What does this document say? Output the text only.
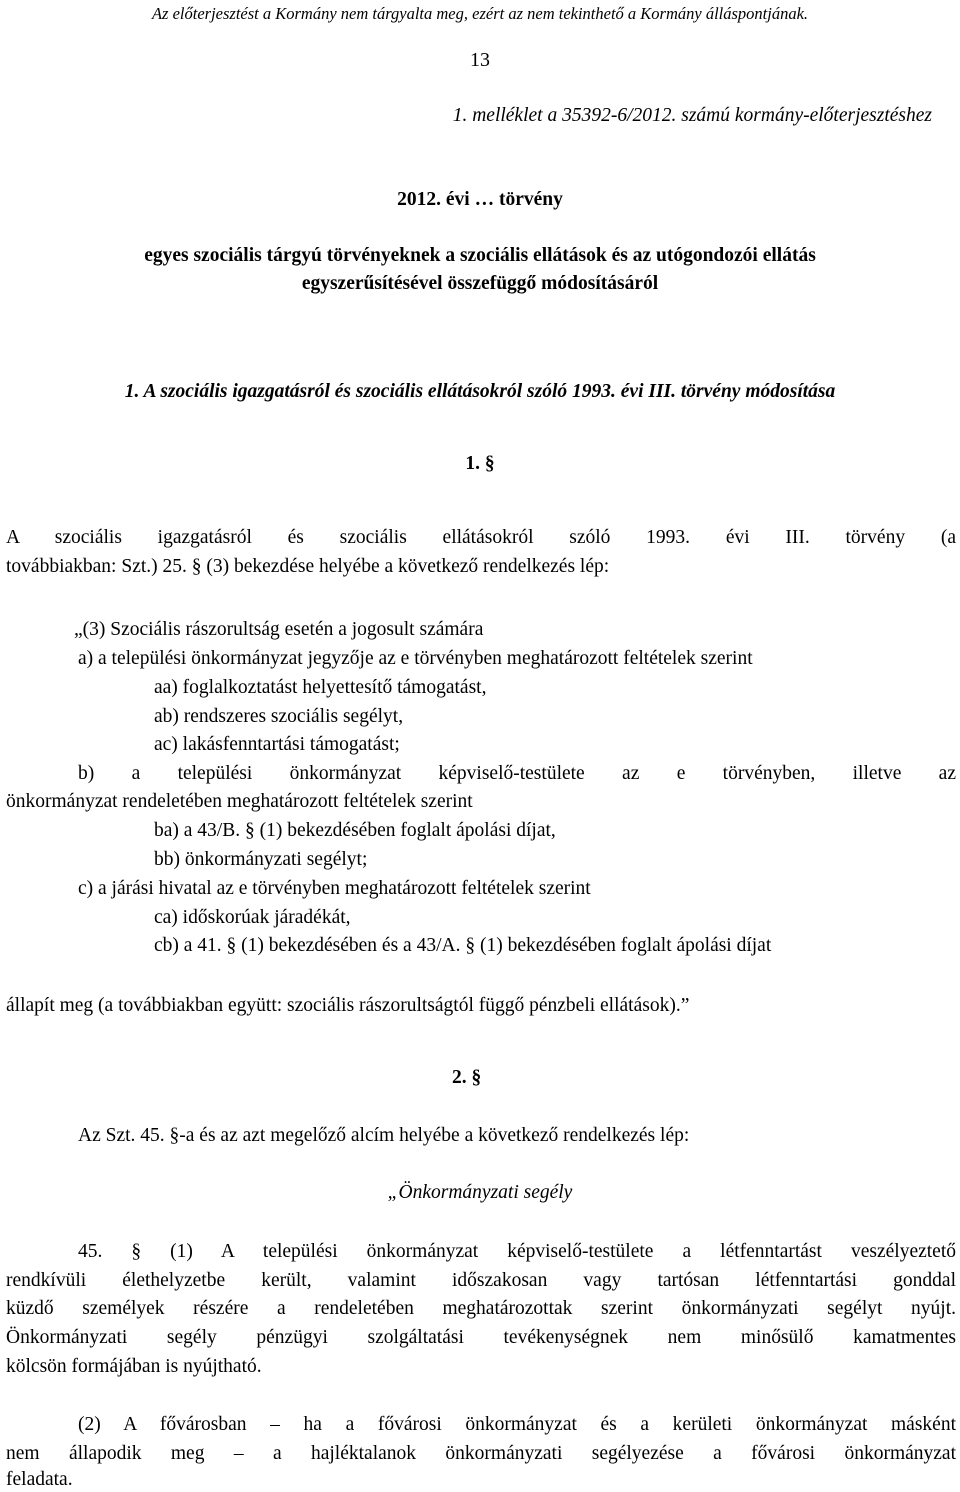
Az előterjesztést a Kormány nem tárgyalta meg, ezért az nem tekinthető a Kormány álláspontjának.
13
1. melléklet a 35392-6/2012. számú kormány-előterjesztéshez
2012. évi … törvény
egyes szociális tárgyú törvényeknek a szociális ellátások és az utógondozói ellátás
egyszerűsítésével összefüggő módosításáról
1. A szociális igazgatásról és szociális ellátásokról szóló 1993. évi III. törvény módosítása
1. §
A szociális igazgatásról és szociális ellátásokról szóló 1993. évi III. törvény (a
továbbiakban: Szt.) 25. § (3) bekezdése helyébe a következő rendelkezés lép:
„(3) Szociális rászorultság esetén a jogosult számára
a) a települési önkormányzat jegyzője az e törvényben meghatározott feltételek szerint
aa) foglalkoztatást helyettesítő támogatást,
ab) rendszeres szociális segélyt,
ac) lakásfenntartási támogatást;
b) a települési önkormányzat képviselő-testülete az e törvényben, illetve az
önkormányzat rendeletében meghatározott feltételek szerint
ba) a 43/B. § (1) bekezdésében foglalt ápolási díjat,
bb) önkormányzati segélyt;
c) a járási hivatal az e törvényben meghatározott feltételek szerint
ca) időskorúak járadékát,
cb) a 41. § (1) bekezdésében és a 43/A. § (1) bekezdésében foglalt ápolási díjat
állapít meg (a továbbiakban együtt: szociális rászorultságtól függő pénzbeli ellátások).”
2. §
Az Szt. 45. §-a és az azt megelőző alcím helyébe a következő rendelkezés lép:
„Önkormányzati segély
45. § (1) A települési önkormányzat képviselő-testülete a létfenntartást veszélyeztető
rendkívüli élethelyzetbe került, valamint időszakosan vagy tartósan létfenntartási gonddal
küzdő személyek részére a rendeletében meghatározottak szerint önkormányzati segélyt nyújt.
Önkormányzati segély pénzügyi szolgáltatási tevékenységnek nem minősülő kamatmentes
kölcsön formájában is nyújtható.
(2) A fővárosban – ha a fővárosi önkormányzat és a kerületi önkormányzat másként
nem állapodik meg – a hajléktalanok önkormányzati segélyezése a fővárosi önkormányzat
feladata.
